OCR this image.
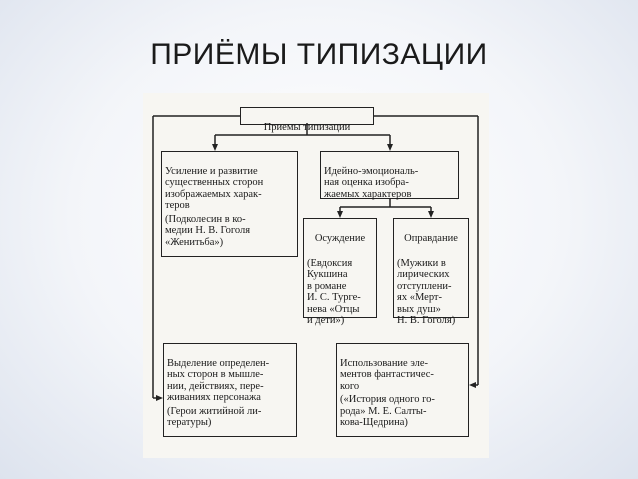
ПРИЁМЫ ТИПИЗАЦИИ

Приемы типизации

Усиление и развитие
существенных сторон
изображаемых харак-
теров

(Подколесин в ко-
медии Н. В. Гоголя
«Женитьба»)

Идейно-эмоциональ-
ная оценка изобра-
жаемых характеров

Осуждение

(Евдоксия
Кукшина
в романе
И. С. Турге-
нева «Отцы
и дети»)

Оправдание

(Мужики в
лирических
отступлени-
ях «Мерт-
вых душ»
Н. В. Гоголя)

Выделение определен-
ных сторон в мышле-
нии, действиях, пере-
живаниях персонажа

(Герои житийной ли-
тературы)

Использование эле-
ментов фантастичес-
кого

(«История одного го-
рода» М. Е. Салты-
кова-Щедрина)
